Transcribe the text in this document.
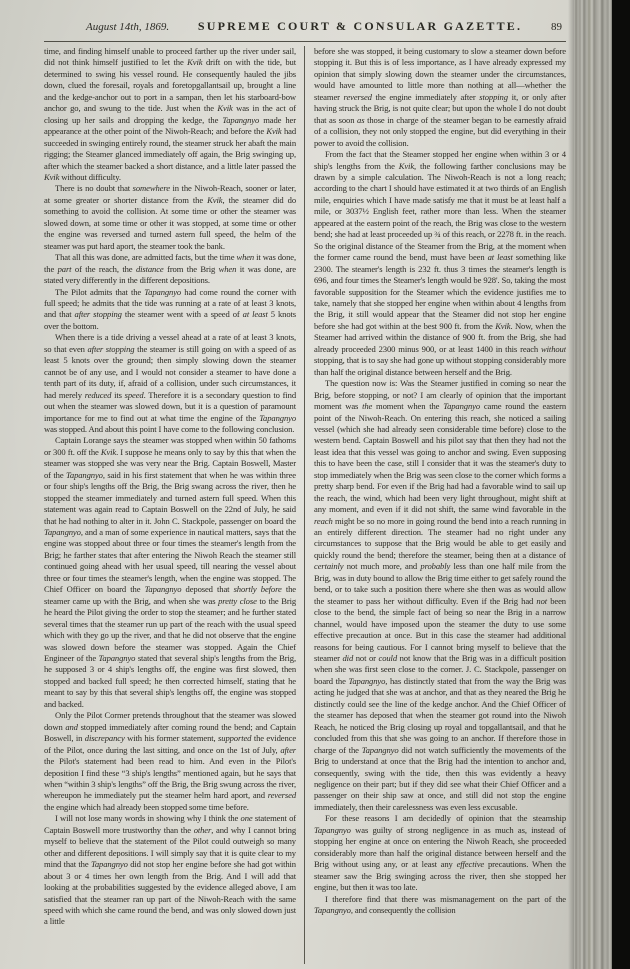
August 14th, 1869.	SUPREME COURT & CONSULAR GAZETTE.	89

time, and finding himself unable to proceed farther up the river under sail, did not think himself justified to let the Kvik drift on with the tide, but determined to swing his vessel round. He consequently hauled the jibs down, clued the foresail, royals and foretopgallantsail up, brought a line and the kedge-anchor out to port in a sampan, then let his starboard-bow anchor go, and swung to the tide. Just when the Kvik was in the act of closing up her sails and dropping the kedge, the Tapangnyo made her appearance at the other point of the Niwoh-Reach; and before the Kvik had succeeded in swinging entirely round, the steamer struck her abaft the main rigging; the Steamer glanced immediately off again, the Brig swinging up, after which the steamer backed a short distance, and a little later passed the Kvik without difficulty.

There is no doubt that somewhere in the Niwoh-Reach, sooner or later, at some greater or shorter distance from the Kvik, the steamer did do something to avoid the collision. At some time or other the steamer was slowed down, at some time or other it was stopped, at some time or other the engine was reversed and turned astern full speed, the helm of the steamer was put hard aport, the steamer took the bank.

That all this was done, are admitted facts, but the time when it was done, the part of the reach, the distance from the Brig when it was done, are stated very differently in the different depositions.

The Pilot admits that the Tapangnyo had come round the corner with full speed; he admits that the tide was running at a rate of at least 3 knots, and that after stopping the steamer went with a speed of at least 5 knots over the bottom.

When there is a tide driving a vessel ahead at a rate of at least 3 knots, so that even after stopping the steamer is still going on with a speed of as least 5 knots over the ground; then simply slowing down the steamer cannot be of any use, and I would not consider a steamer to have done a tenth part of its duty, if, afraid of a collision, under such circumstances, it had merely reduced its speed. Therefore it is a secondary question to find out when the steamer was slowed down, but it is a question of paramount importance for me to find out at what time the engine of the Tapangnyo was stopped. And about this point I have come to the following conclusion.

Captain Lorange says the steamer was stopped when within 50 fathoms or 300 ft. off the Kvik. I suppose he means only to say by this that when the steamer was stopped she was very near the Brig. Captain Boswell, Master of the Tapangnyo, said in his first statement that when he was within three or four ship's lengths off the Brig, the Brig swang across the river, then he stopped the steamer immediately and turned astern full speed. When this statement was again read to Captain Boswell on the 22nd of July, he said that he had nothing to alter in it. John C. Stackpole, passenger on board the Tapangnyo, and a man of some experience in nautical matters, says that the engine was stopped about three or four times the steamer's length from the Brig; he farther states that after entering the Niwoh Reach the steamer still continued going ahead with her usual speed, till nearing the vessel about three or four times the steamer's length, when the engine was stopped. The Chief Officer on board the Tapangnyo deposed that shortly before the steamer came up with the Brig, and when she was pretty close to the Brig he heard the Pilot giving the order to stop the steamer; and he further stated several times that the steamer run up part of the reach with the usual speed which with they go up the river, and that he did not observe that the engine was slowed down before the steamer was stopped. Again the Chief Engineer of the Tapangnyo stated that several ship's lengths from the Brig, he supposed 3 or 4 ship's lengths off, the engine was first slowed, then stopped and backed full speed; he then corrected himself, stating that he meant to say by this that several ship's lengths off, the engine was stopped and backed.

Only the Pilot Cormer pretends throughout that the steamer was slowed down and stopped immediately after coming round the bend; and Captain Boswell, in discrepancy with his former statement, supported the evidence of the Pilot, once during the last sitting, and once on the 1st of July, after the Pilot's statement had been read to him. And even in the Pilot's deposition I find these “3 ship's lengths” mentioned again, but he says that when “within 3 ship's lengths” off the Brig, the Brig swung across the river, whereupon he immediately put the steamer helm hard aport, and reversed the engine which had already been stopped some time before.

I will not lose many words in showing why I think the one statement of Captain Boswell more trustworthy than the other, and why I cannot bring myself to believe that the statement of the Pilot could outweigh so many other and different depositions. I will simply say that it is quite clear to my mind that the Tapangnyo did not stop her engine before she had got within about 3 or 4 times her own length from the Brig. And I will add that looking at the probabilities suggested by the evidence alleged above, I am satisfied that the steamer ran up part of the Niwoh-Reach with the same speed with which she came round the bend, and was only slowed down just a little

before she was stopped, it being customary to slow a steamer down before stopping it. But this is of less importance, as I have already expressed my opinion that simply slowing down the steamer under the circumstances, would have amounted to little more than nothing at all—whether the steamer reversed the engine immediately after stopping it, or only after having struck the Brig, is not quite clear; but upon the whole I do not doubt that as soon as those in charge of the steamer began to be earnestly afraid of a collision, they not only stopped the engine, but did everything in their power to avoid the collision.

From the fact that the Steamer stopped her engine when within 3 or 4 ship's lengths from the Kvik, the following farther conclusions may be drawn by a simple calculation. The Niwoh-Reach is not a long reach; according to the chart I should have estimated it at two thirds of an English mile, enquiries which I have made satisfy me that it must be at least half a mile, or 3037½ English feet, rather more than less. When the steamer appeared at the eastern point of the reach, the Brig was close to the western bend; she had at least proceeded up ¾ of this reach, or 2278 ft. in the reach. So the original distance of the Steamer from the Brig, at the moment when the former came round the bend, must have been at least something like 2300. The steamer's length is 232 ft. thus 3 times the steamer's length is 696, and four times the Steamer's length would be 928'. So, taking the most favorable supposition for the Steamer which the evidence justifies me to take, namely that she stopped her engine when within about 4 lengths from the Brig, it still would appear that the Steamer did not stop her engine before she had got within at the best 900 ft. from the Kvik. Now, when the Steamer had arrived within the distance of 900 ft. from the Brig, she had already proceeded 2300 minus 900, or at least 1400 in this reach without stopping, that is to say she had gone up without stopping considerably more than half the original distance between herself and the Brig.

The question now is: Was the Steamer justified in coming so near the Brig, before stopping, or not? I am clearly of opinion that the important moment was the moment when the Tapangnyo came round the eastern point of the Niwoh-Reach. On entering this reach, she noticed a sailing vessel (which she had already seen considerable time before) close to the western bend. Captain Boswell and his pilot say that then they had not the least idea that this vessel was going to anchor and swing. Even supposing this to have been the case, still I consider that it was the steamer's duty to stop immediately when the Brig was seen close to the corner which forms a pretty sharp bend. For even if the Brig had had a favorable wind to sail up the reach, the wind, which had been very light throughout, might shift at any moment, and even if it did not shift, the same wind favorable in the reach might be so no more in going round the bend into a reach running in an entirely different direction. The steamer had no right under any circumstances to suppose that the Brig would be able to get easily and quickly round the bend; therefore the steamer, being then at a distance of certainly not much more, and probably less than one half mile from the Brig, was in duty bound to allow the Brig time either to get safely round the bend, or to take such a position there where she then was as would allow the steamer to pass her without difficulty. Even if the Brig had not been close to the bend, the simple fact of being so near the Brig in a narrow channel, would have imposed upon the steamer the duty to use some effective precaution at once. But in this case the steamer had additional reasons for being cautious. For I cannot bring myself to believe that the steamer did not or could not know that the Brig was in a difficult position when she was first seen close to the corner. J. C. Stackpole, passenger on board the Tapangnyo, has distinctly stated that from the way the Brig was acting he judged that she was at anchor, and that as they neared the Brig he distinctly could see the line of the kedge anchor. And the Chief Officer of the steamer has deposed that when the steamer got round into the Niwoh Reach, he noticed the Brig closing up royal and topgallantsail, and that he concluded from this that she was going to an anchor. If therefore those in charge of the Tapangnyo did not watch sufficiently the movements of the Brig to understand at once that the Brig had the intention to anchor and, consequently, swing with the tide, then this was evidently a heavy negligence on their part; but if they did see what their Chief Officer and a passenger on their ship saw at once, and still did not stop the engine immediately, then their carelessness was even less excusable.

For these reasons I am decidedly of opinion that the steamship Tapangnyo was guilty of strong negligence in as much as, instead of stopping her engine at once on entering the Niwoh Reach, she proceeded considerably more than half the original distance between herself and the Brig without using any, or at least any effective precautions. When the steamer saw the Brig swinging across the river, then she stopped her engine, but then it was too late.

I therefore find that there was mismanagement on the part of the Tapangnyo, and consequently the collision
